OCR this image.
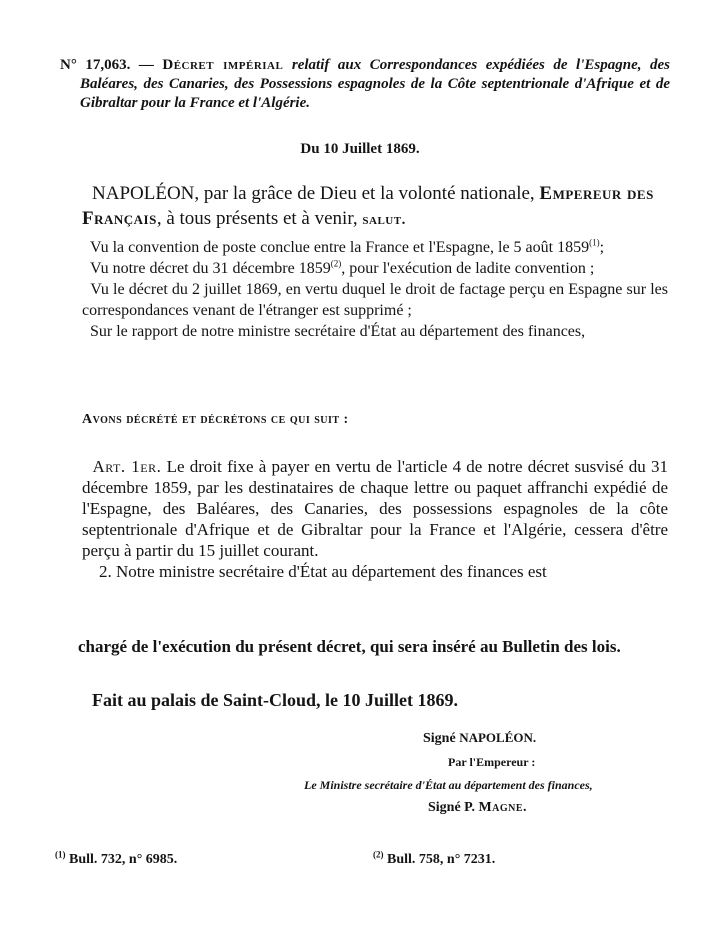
N° 17,063. — Décret impérial relatif aux Correspondances expédiées de l'Espagne, des Baléares, des Canaries, des Possessions espagnoles de la Côte septentrionale d'Afrique et de Gibraltar pour la France et l'Algérie.

Du 10 Juillet 1869.

NAPOLÉON, par la grâce de Dieu et la volonté nationale, Empereur des Français, à tous présents et à venir, salut.

Vu la convention de poste conclue entre la France et l'Espagne, le 5 août 1859$^{(1)}$;

Vu notre décret du 31 décembre 1859$^{(2)}$, pour l'exécution de ladite convention ;

Vu le décret du 2 juillet 1869, en vertu duquel le droit de factage perçu en Espagne sur les correspondances venant de l'étranger est supprimé ;

Sur le rapport de notre ministre secrétaire d'État au département des finances,

Avons décrété et décrétons ce qui suit :

Art. 1er. Le droit fixe à payer en vertu de l'article 4 de notre décret susvisé du 31 décembre 1859, par les destinataires de chaque lettre ou paquet affranchi expédié de l'Espagne, des Baléares, des Canaries, des possessions espagnoles de la côte septentrionale d'Afrique et de Gibraltar pour la France et l'Algérie, cessera d'être perçu à partir du 15 juillet courant.

2. Notre ministre secrétaire d'État au département des finances est

chargé de l'exécution du présent décret, qui sera inséré au Bulletin des lois.

Fait au palais de Saint-Cloud, le 10 Juillet 1869.

Signé NAPOLÉON.

Par l'Empereur :

Le Ministre secrétaire d'État au département des finances,

Signé P. Magne.

$^{(1)}$ Bull. 732, n° 6985.	$^{(2)}$ Bull. 758, n° 7231.
